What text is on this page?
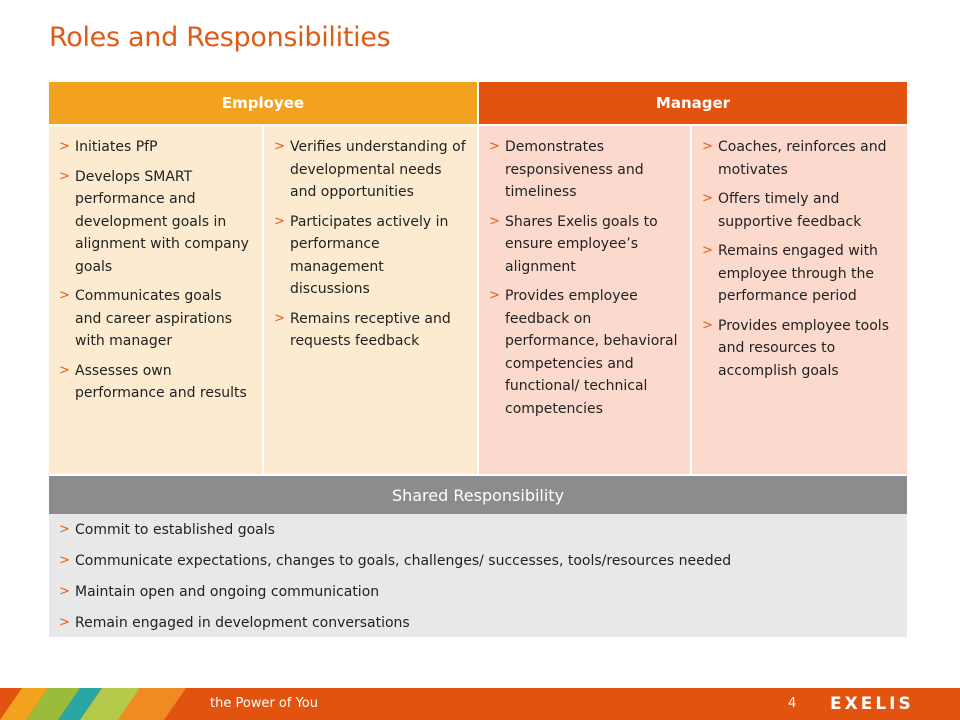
Roles and Responsibilities
Employee	Manager
> Initiates PfP
> Develops SMART performance and development goals in alignment with company goals
> Communicates goals and career aspirations with manager
> Assesses own performance and results
> Verifies understanding of developmental needs and opportunities
> Participates actively in performance management discussions
> Remains receptive and requests feedback
> Demonstrates responsiveness and timeliness
> Shares Exelis goals to ensure employee’s alignment
> Provides employee feedback on performance, behavioral competencies and functional/ technical competencies
> Coaches, reinforces and motivates
> Offers timely and supportive feedback
> Remains engaged with employee through the performance period
> Provides employee tools and resources to accomplish goals
Shared Responsibility
> Commit to established goals
> Communicate expectations, changes to goals, challenges/ successes, tools/resources needed
> Maintain open and ongoing communication
> Remain engaged in development conversations
the Power of You	4 EXELIS
